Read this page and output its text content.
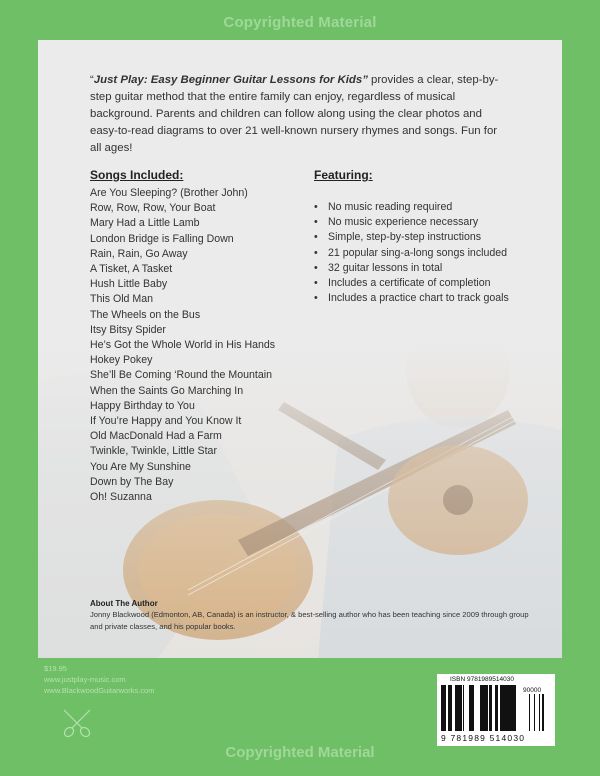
Copyrighted Material
“Just Play: Easy Beginner Guitar Lessons for Kids” provides a clear, step-by-step guitar method that the entire family can enjoy, regardless of musical background. Parents and children can follow along using the clear photos and easy-to-read diagrams to over 21 well-known nursery rhymes and songs. Fun for all ages!
Songs Included:
Are You Sleeping? (Brother John)
Row, Row, Row, Your Boat
Mary Had a Little Lamb
London Bridge is Falling Down
Rain, Rain, Go Away
A Tisket, A Tasket
Hush Little Baby
This Old Man
The Wheels on the Bus
Itsy Bitsy Spider
He’s Got the Whole World in His Hands
Hokey Pokey
She’ll Be Coming ‘Round the Mountain
When the Saints Go Marching In
Happy Birthday to You
If You’re Happy and You Know It
Old MacDonald Had a Farm
Twinkle, Twinkle, Little Star
You Are My Sunshine
Down by The Bay
Oh! Suzanna
Featuring:
• No music reading required
• No music experience necessary
• Simple, step-by-step instructions
• 21 popular sing-a-long songs included
• 32 guitar lessons in total
• Includes a certificate of completion
• Includes a practice chart to track goals
About The Author
Jonny Blackwood (Edmonton, AB, Canada) is an instructor, & best-selling author who has been teaching since 2009 through group and private classes, and his popular books.
$19.95
www.justplay-music.com
www.BlackwoodGuitarworks.com
ISBN 9781989514030
90000
9 781989 514030
Copyrighted Material
